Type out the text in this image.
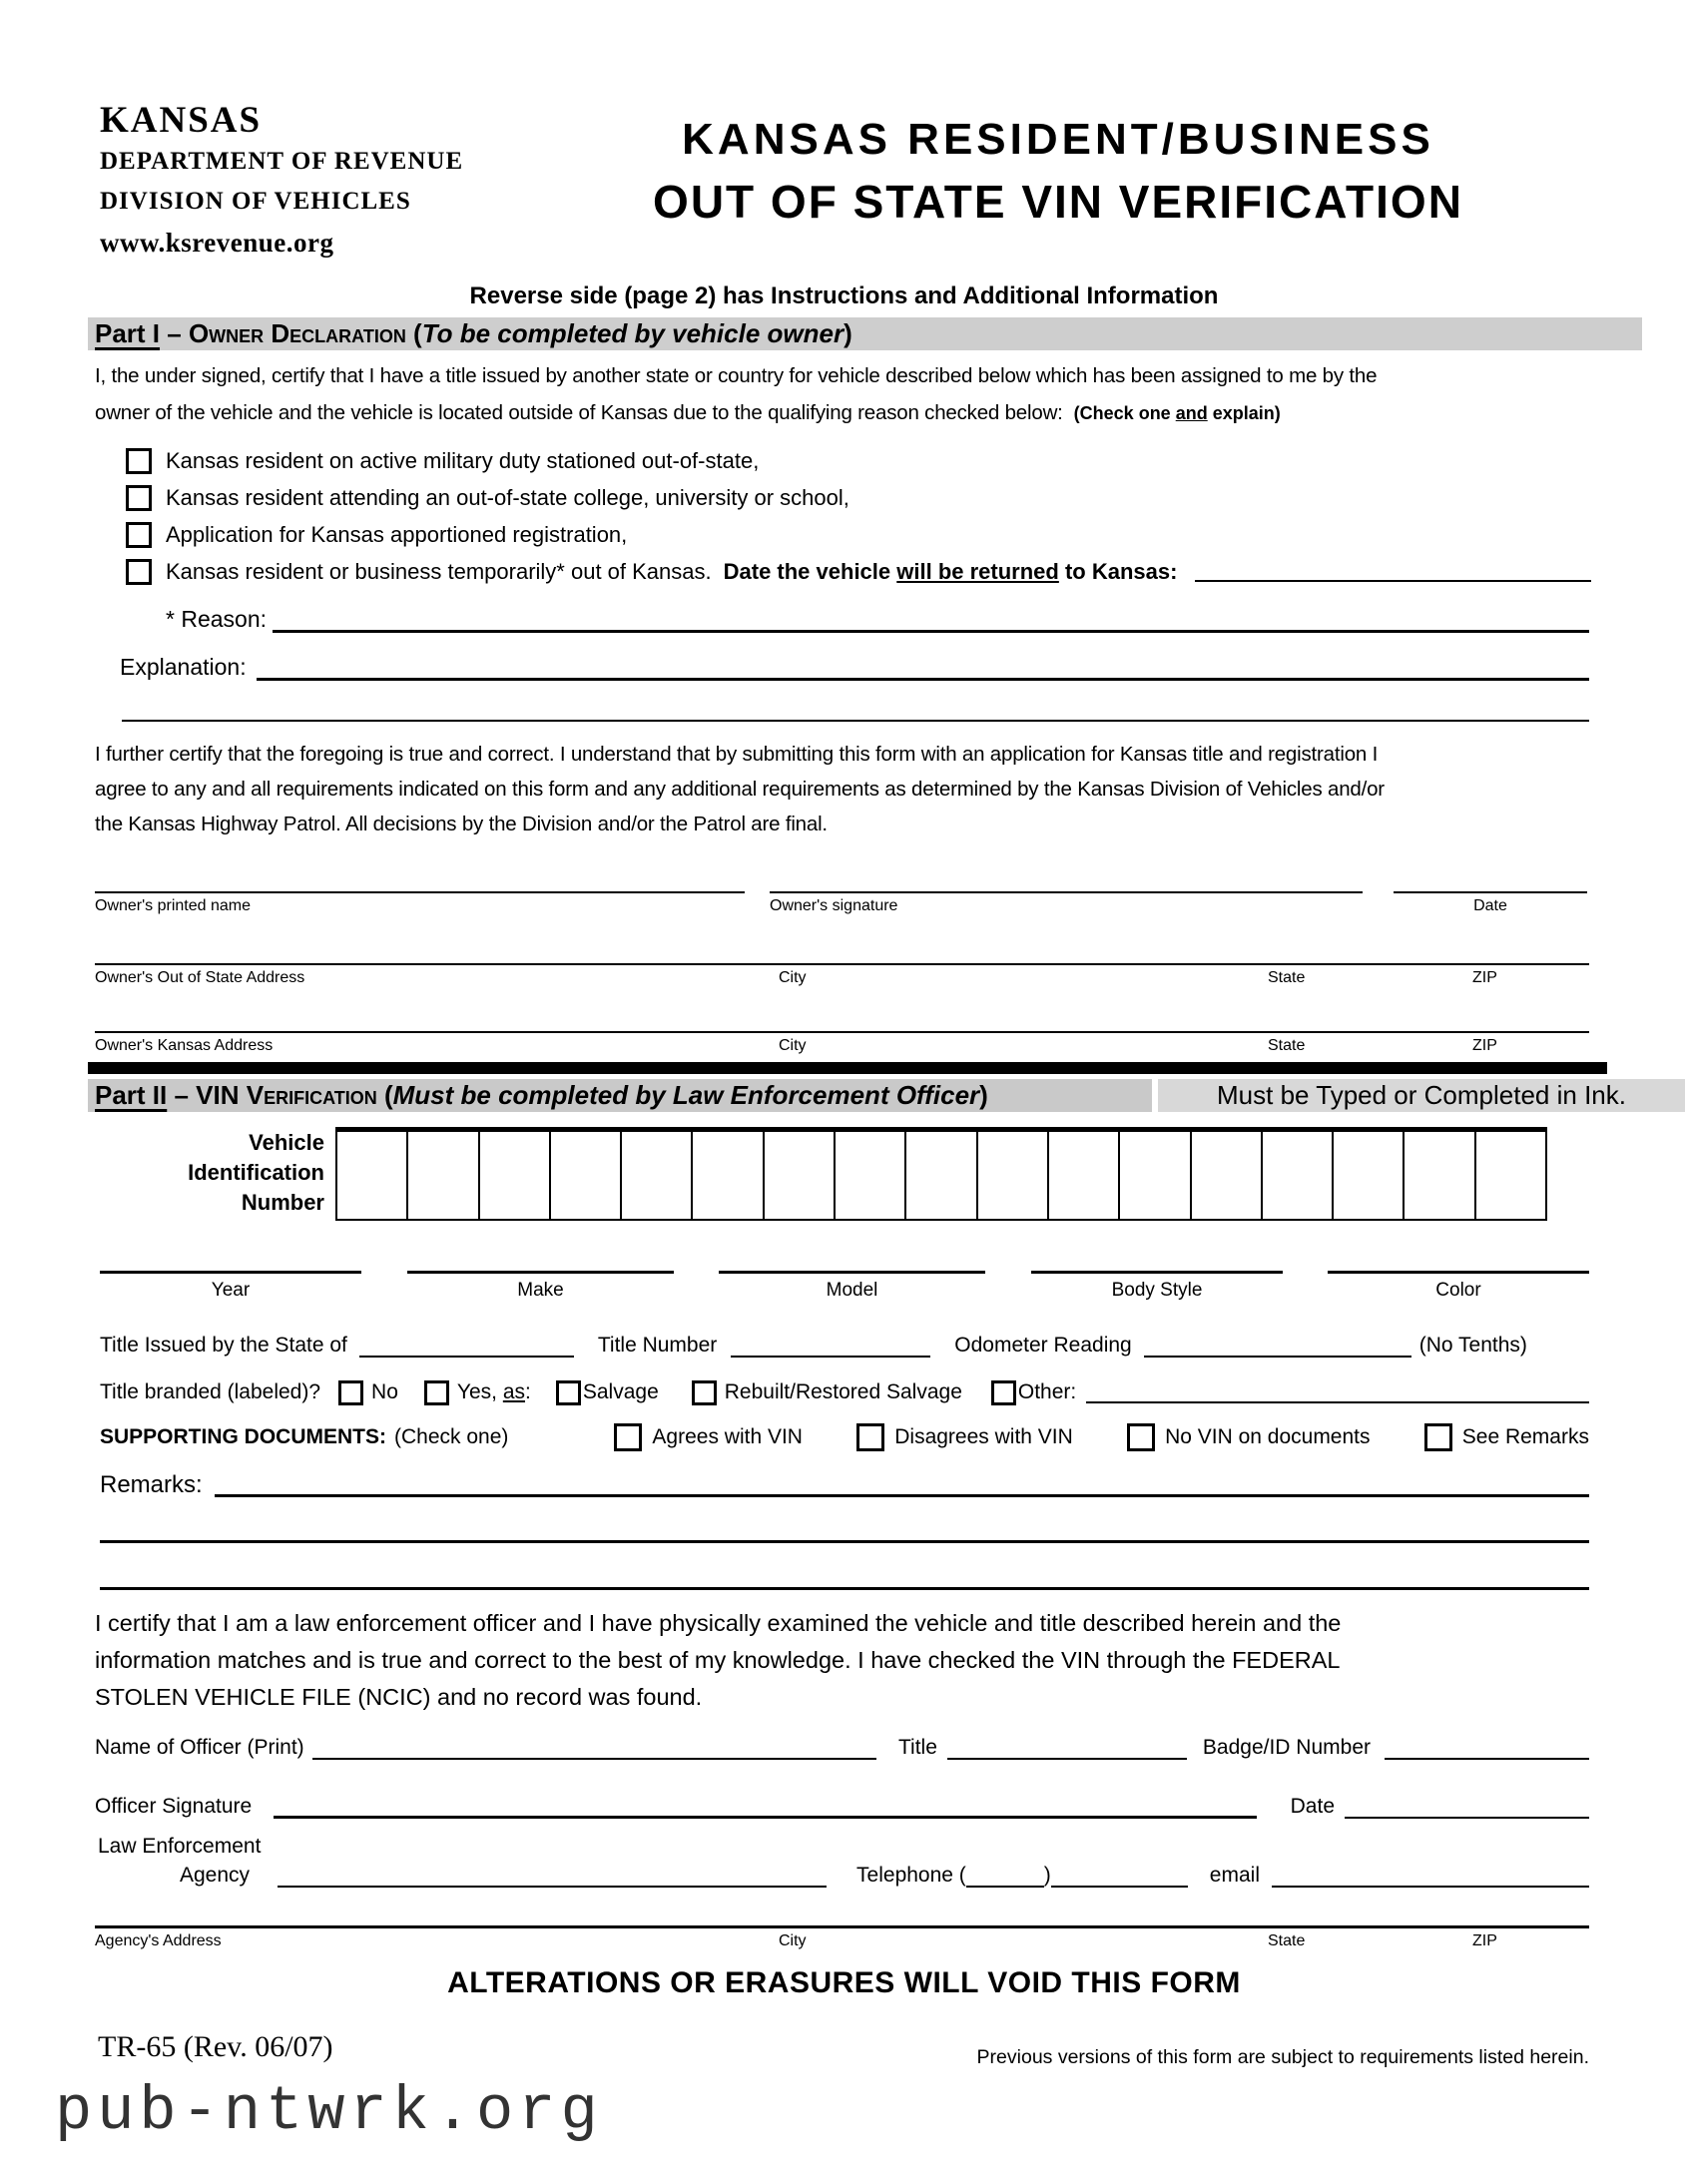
KANSAS
DEPARTMENT OF REVENUE
DIVISION OF VEHICLES
www.ksrevenue.org
KANSAS RESIDENT/BUSINESS
OUT OF STATE VIN VERIFICATION
Reverse side (page 2) has Instructions and Additional Information
Part I – Owner Declaration (To be completed by vehicle owner)
I, the under signed, certify that I have a title issued by another state or country for vehicle described below which has been assigned to me by the
owner of the vehicle and the vehicle is located outside of Kansas due to the qualifying reason checked below: (Check one and explain)
Kansas resident on active military duty stationed out-of-state,
Kansas resident attending an out-of-state college, university or school,
Application for Kansas apportioned registration,
Kansas resident or business temporarily* out of Kansas. Date the vehicle will be returned to Kansas:
* Reason:
Explanation:
I further certify that the foregoing is true and correct. I understand that by submitting this form with an application for Kansas title and registration I
agree to any and all requirements indicated on this form and any additional requirements as determined by the Kansas Division of Vehicles and/or
the Kansas Highway Patrol. All decisions by the Division and/or the Patrol are final.
Owner's printed name	Owner's signature	Date
Owner's Out of State Address	City	State	ZIP
Owner's Kansas Address	City	State	ZIP
Part II – VIN Verification (Must be completed by Law Enforcement Officer)	Must be Typed or Completed in Ink.
Vehicle
Identification
Number
Year	Make	Model	Body Style	Color
Title Issued by the State of	Title Number	Odometer Reading	(No Tenths)
Title branded (labeled)? No	Yes, as: Salvage	Rebuilt/Restored Salvage	Other:
SUPPORTING DOCUMENTS: (Check one)	Agrees with VIN	Disagrees with VIN	No VIN on documents	See Remarks
Remarks:
I certify that I am a law enforcement officer and I have physically examined the vehicle and title described herein and the
information matches and is true and correct to the best of my knowledge. I have checked the VIN through the FEDERAL
STOLEN VEHICLE FILE (NCIC) and no record was found.
Name of Officer (Print)	Title	Badge/ID Number
Officer Signature	Date
Law Enforcement
Agency	Telephone (	)	email
Agency's Address	City	State	ZIP
ALTERATIONS OR ERASURES WILL VOID THIS FORM
TR-65 (Rev. 06/07)	Previous versions of this form are subject to requirements listed herein.
pub-ntwrk.org
